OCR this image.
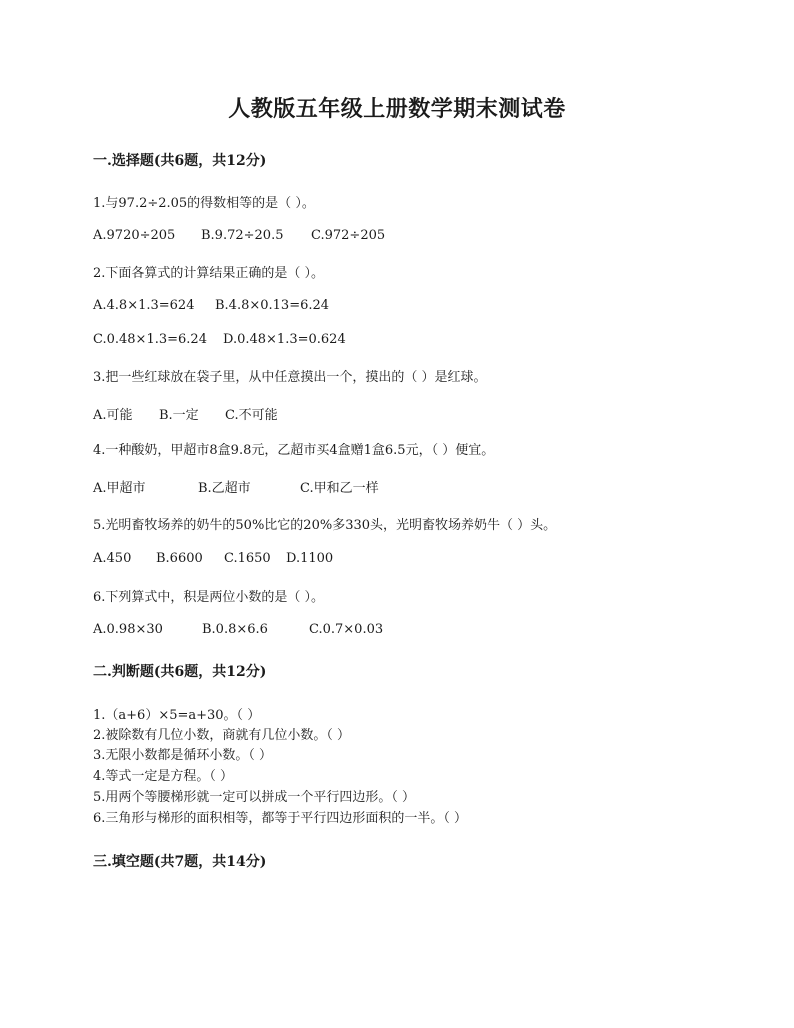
人教版五年级上册数学期末测试卷
一.选择题(共6题，共12分)
1.与97.2÷2.05的得数相等的是（ ）。
A.9720÷205 B.9.72÷20.5 C.972÷205
2.下面各算式的计算结果正确的是（ ）。
A.4.8×1.3=624 B.4.8×0.13=6.24
C.0.48×1.3=6.24 D.0.48×1.3=0.624
3.把一些红球放在袋子里，从中任意摸出一个，摸出的（ ）是红球。
A.可能 B.一定 C.不可能
4.一种酸奶，甲超市8盒9.8元，乙超市买4盒赠1盒6.5元，（ ）便宜。
A.甲超市	B.乙超市	C.甲和乙一样
5.光明畜牧场养的奶牛的50%比它的20%多330头，光明畜牧场养奶牛（ ）头。
A.450 B.6600 C.1650 D.1100
6.下列算式中，积是两位小数的是（ ）。
A.0.98×30	B.0.8×6.6	C.0.7×0.03
二.判断题(共6题，共12分)
1.（a+6）×5=a+30。（ ）
2.被除数有几位小数，商就有几位小数。（ ）
3.无限小数都是循环小数。（ ）
4.等式一定是方程。（ ）
5.用两个等腰梯形就一定可以拼成一个平行四边形。（ ）
6.三角形与梯形的面积相等，都等于平行四边形面积的一半。（ ）
三.填空题(共7题，共14分)
